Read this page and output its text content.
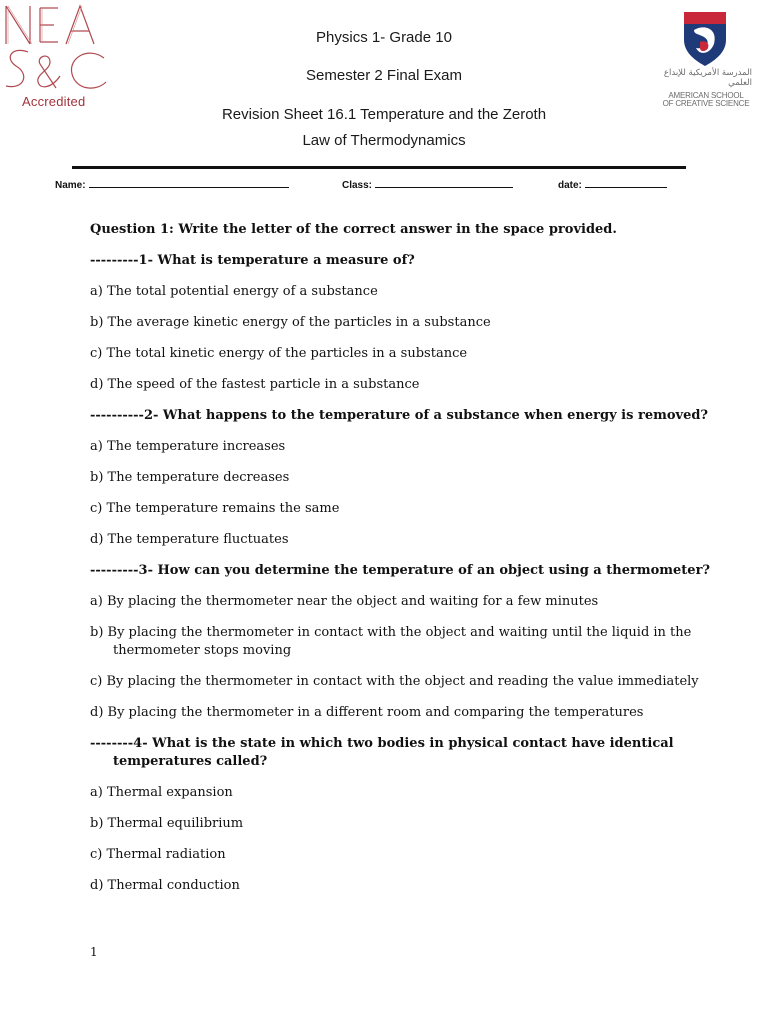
Accredited
المدرسة الأمريكية للإبداع العلمي
AMERICAN SCHOOL
OF CREATIVE SCIENCE
Physics 1- Grade 10
Semester 2 Final Exam
Revision Sheet 16.1 Temperature and the Zeroth
Law of Thermodynamics
Name:	Class:	date:
Question 1: Write the letter of the correct answer in the space provided.
---------1- What is temperature a measure of?
a) The total potential energy of a substance
b) The average kinetic energy of the particles in a substance
c) The total kinetic energy of the particles in a substance
d) The speed of the fastest particle in a substance
----------2- What happens to the temperature of a substance when energy is removed?
a) The temperature increases
b) The temperature decreases
c) The temperature remains the same
d) The temperature fluctuates
---------3- How can you determine the temperature of an object using a thermometer?
a) By placing the thermometer near the object and waiting for a few minutes
b) By placing the thermometer in contact with the object and waiting until the liquid in the
thermometer stops moving
c) By placing the thermometer in contact with the object and reading the value immediately
d) By placing the thermometer in a different room and comparing the temperatures
--------4- What is the state in which two bodies in physical contact have identical
temperatures called?
a) Thermal expansion
b) Thermal equilibrium
c) Thermal radiation
d) Thermal conduction
1
